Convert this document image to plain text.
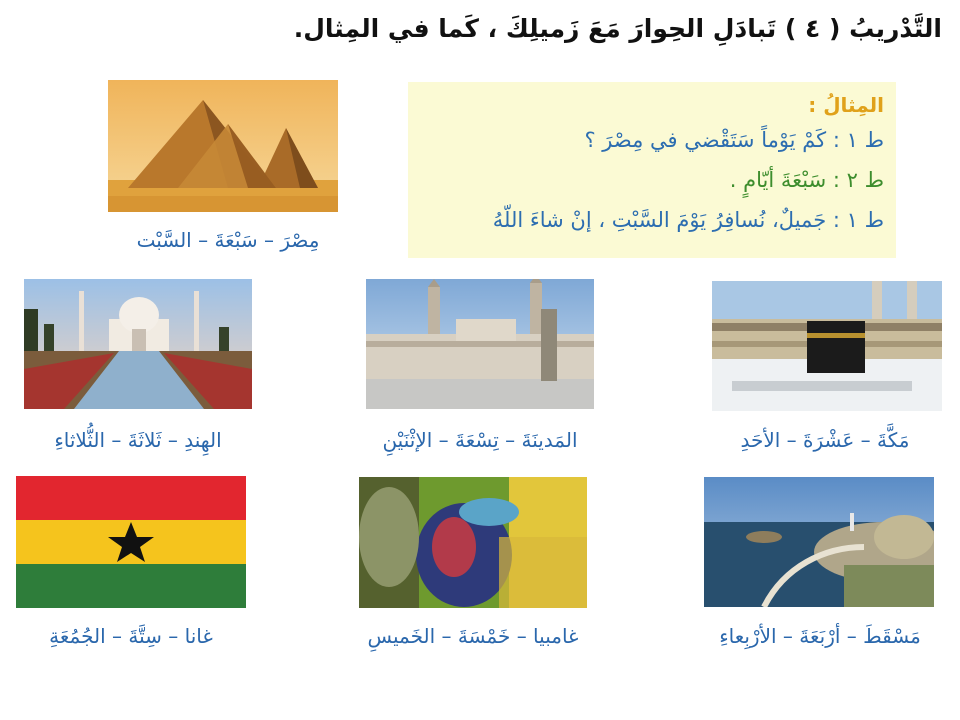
التَّدْريبُ ( ٤ ) تَبادَلِ الحِوارَ مَعَ زَميلِكَ ، كَما في المِثال.
المِثالُ :
ط ١ : كَمْ يَوْماً سَتَقْضي في مِصْرَ ؟
ط ٢ : سَبْعَةَ أيّامٍ .
ط ١ : جَميلٌ، نُسافِرُ يَوْمَ السَّبْتِ ، إنْ شاءَ اللّهُ
مِصْرَ – سَبْعَةَ – السَّبْت
الهِندِ – ثَلاثَةَ – الثُّلاثاءِ	المَدينَةَ – تِسْعَةَ – الإثْنَيْنِ	مَكَّةَ – عَشْرَةَ – الأحَدِ
غانا – سِتَّةَ – الجُمُعَةِ	غامبيا – خَمْسَةَ – الخَميسِ	مَسْقَطَ – أرْبَعَةَ – الأرْبِعاءِ
